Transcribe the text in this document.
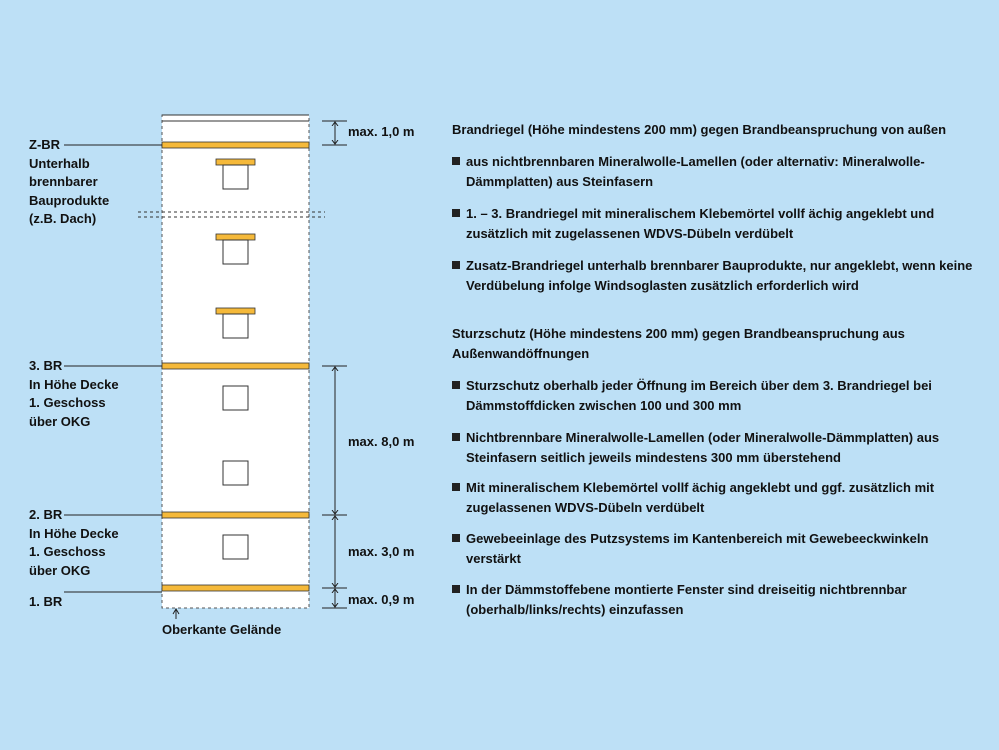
Z-BR
Unterhalb
brennbarer
Bauprodukte
(z.B. Dach)
3. BR
In Höhe Decke
1. Geschoss
über OKG
2. BR
In Höhe Decke
1. Geschoss
über OKG
1. BR
max. 1,0 m
max. 8,0 m
max. 3,0 m
max. 0,9 m
Oberkante Gelände
Brandriegel (Höhe mindestens 200 mm) gegen Brandbeanspruchung von außen
aus nichtbrennbaren Mineralwolle-Lamellen (oder alternativ: Mineralwolle-Dämmplatten) aus Steinfasern
1. – 3. Brandriegel mit mineralischem Klebemörtel vollf ächig angeklebt und zusätzlich mit zugelassenen WDVS-Dübeln verdübelt
Zusatz-Brandriegel unterhalb brennbarer Bauprodukte, nur angeklebt, wenn keine Verdübelung infolge Windsoglasten zusätzlich erforderlich wird
Sturzschutz (Höhe mindestens 200 mm) gegen Brandbeanspruchung aus Außenwandöffnungen
Sturzschutz oberhalb jeder Öffnung im Bereich über dem 3. Brandriegel bei Dämmstoffdicken zwischen 100 und 300 mm
Nichtbrennbare Mineralwolle-Lamellen (oder Mineralwolle-Dämmplatten) aus Steinfasern seitlich jeweils mindestens 300 mm überstehend
Mit mineralischem Klebemörtel vollf ächig angeklebt und ggf. zusätzlich mit zugelassenen WDVS-Dübeln verdübelt
Gewebeeinlage des Putzsystems im Kantenbereich mit Gewebeeckwinkeln verstärkt
In der Dämmstoffebene montierte Fenster sind dreiseitig nichtbrennbar (oberhalb/links/rechts) einzufassen
